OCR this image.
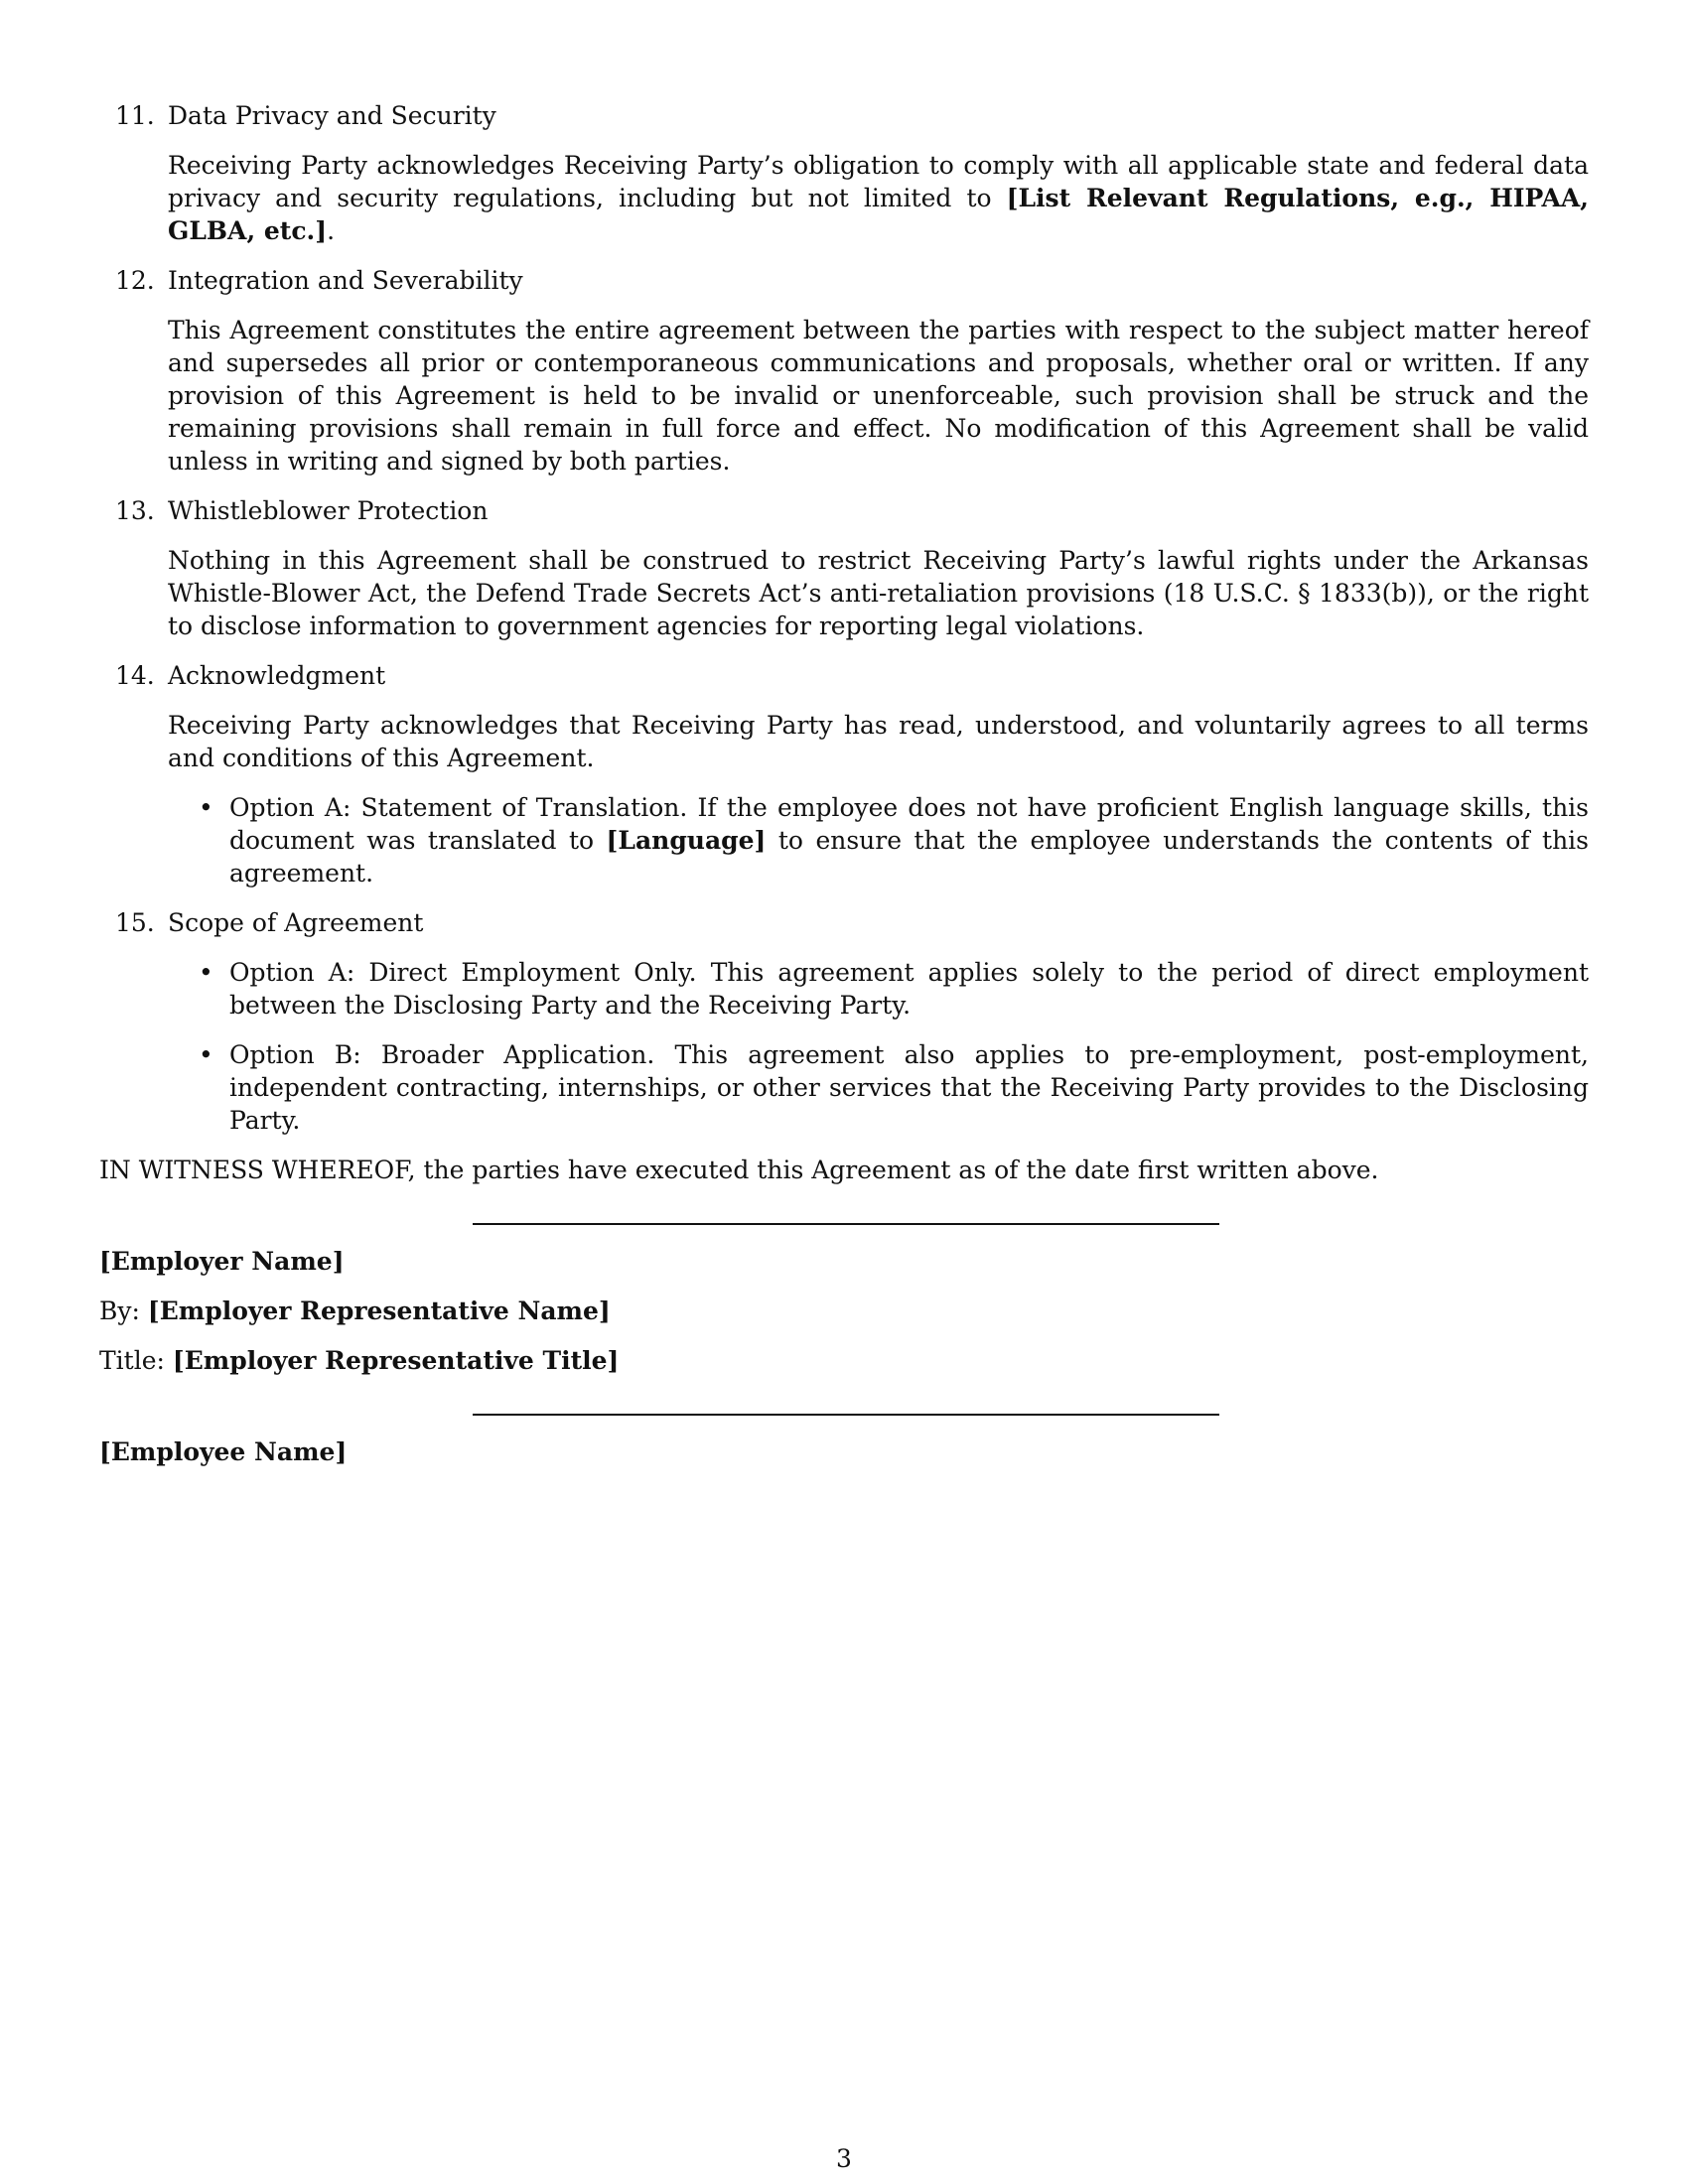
11. Data Privacy and Security

Receiving Party acknowledges Receiving Party’s obligation to comply with all applicable state and federal data privacy and security regulations, including but not limited to [List Relevant Regulations, e.g., HIPAA, GLBA, etc.].

12. Integration and Severability

This Agreement constitutes the entire agreement between the parties with respect to the subject matter hereof and supersedes all prior or contemporaneous communications and proposals, whether oral or written. If any provision of this Agreement is held to be invalid or unenforceable, such provision shall be struck and the remaining provisions shall remain in full force and effect. No modification of this Agreement shall be valid unless in writing and signed by both parties.

13. Whistleblower Protection

Nothing in this Agreement shall be construed to restrict Receiving Party’s lawful rights under the Arkansas Whistle-Blower Act, the Defend Trade Secrets Act’s anti-retaliation provisions (18 U.S.C. § 1833(b)), or the right to disclose information to government agencies for reporting legal violations.

14. Acknowledgment

Receiving Party acknowledges that Receiving Party has read, understood, and voluntarily agrees to all terms and conditions of this Agreement.

• Option A: Statement of Translation. If the employee does not have proficient English language skills, this document was translated to [Language] to ensure that the employee understands the contents of this agreement.

15. Scope of Agreement

• Option A: Direct Employment Only. This agreement applies solely to the period of direct employment between the Disclosing Party and the Receiving Party.
• Option B: Broader Application. This agreement also applies to pre-employment, post-employment, independent contracting, internships, or other services that the Receiving Party provides to the Disclosing Party.

IN WITNESS WHEREOF, the parties have executed this Agreement as of the date first written above.

[Employer Name]

By: [Employer Representative Name]

Title: [Employer Representative Title]

[Employee Name]

3
